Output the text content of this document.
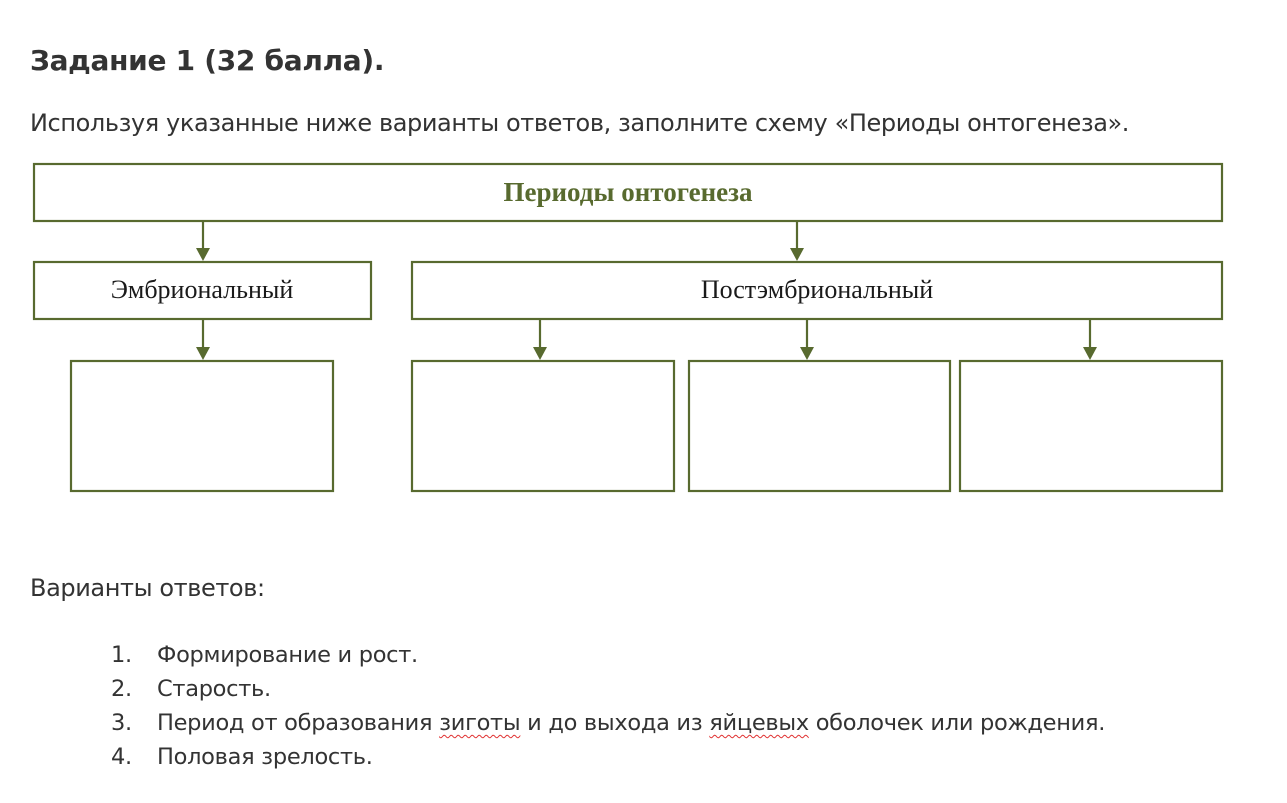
Задание 1 (32 балла).

Используя указанные ниже варианты ответов, заполните схему «Периоды онтогенеза».

Периоды онтогенеза
Эмбриональный	Постэмбриональный

Варианты ответов:

1. Формирование и рост.
2. Старость.
3. Период от образования зиготы и до выхода из яйцевых оболочек или рождения.
4. Половая зрелость.
